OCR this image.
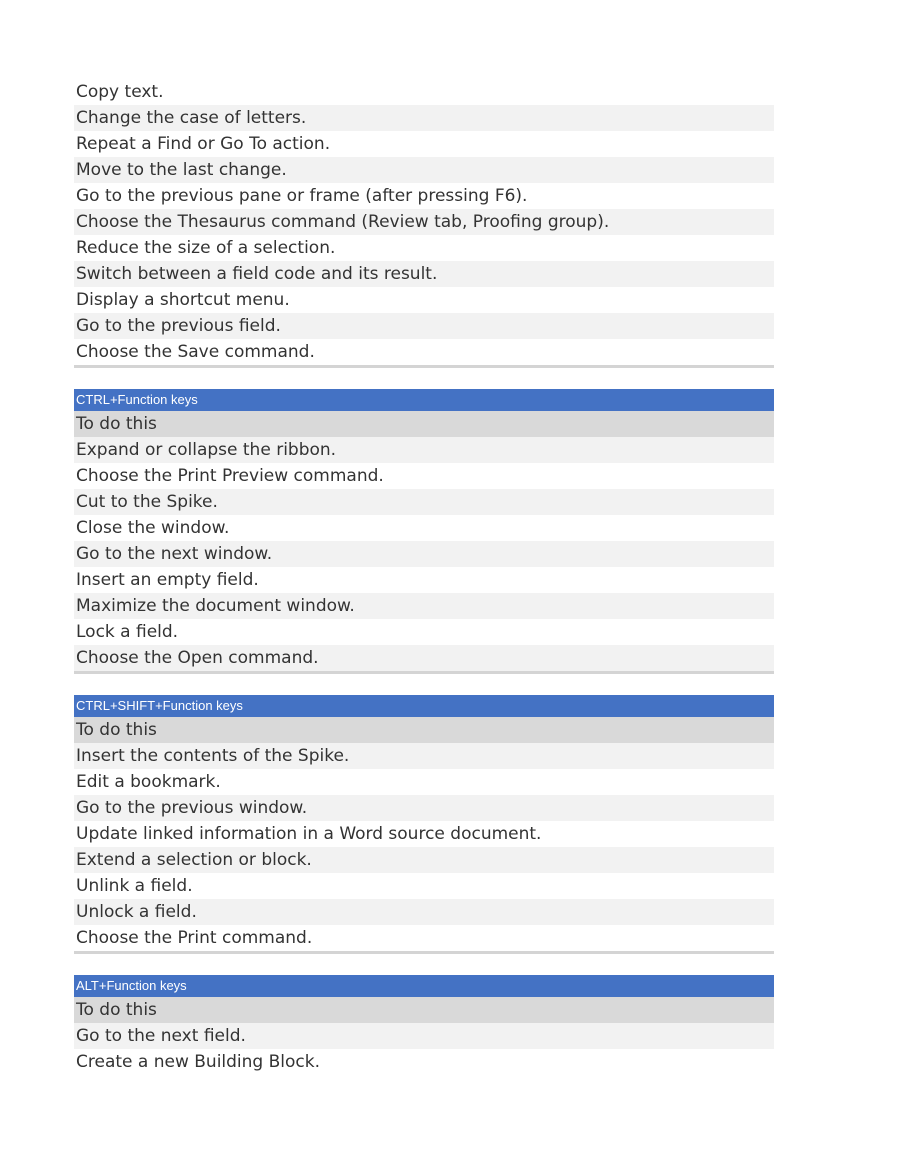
Copy text.
Change the case of letters.
Repeat a Find or Go To action.
Move to the last change.
Go to the previous pane or frame (after pressing F6).
Choose the Thesaurus command (Review tab, Proofing group).
Reduce the size of a selection.
Switch between a field code and its result.
Display a shortcut menu.
Go to the previous field.
Choose the Save command.
CTRL+Function keys
To do this
Expand or collapse the ribbon.
Choose the Print Preview command.
Cut to the Spike.
Close the window.
Go to the next window.
Insert an empty field.
Maximize the document window.
Lock a field.
Choose the Open command.
CTRL+SHIFT+Function keys
To do this
Insert the contents of the Spike.
Edit a bookmark.
Go to the previous window.
Update linked information in a Word source document.
Extend a selection or block.
Unlink a field.
Unlock a field.
Choose the Print command.
ALT+Function keys
To do this
Go to the next field.
Create a new Building Block.
